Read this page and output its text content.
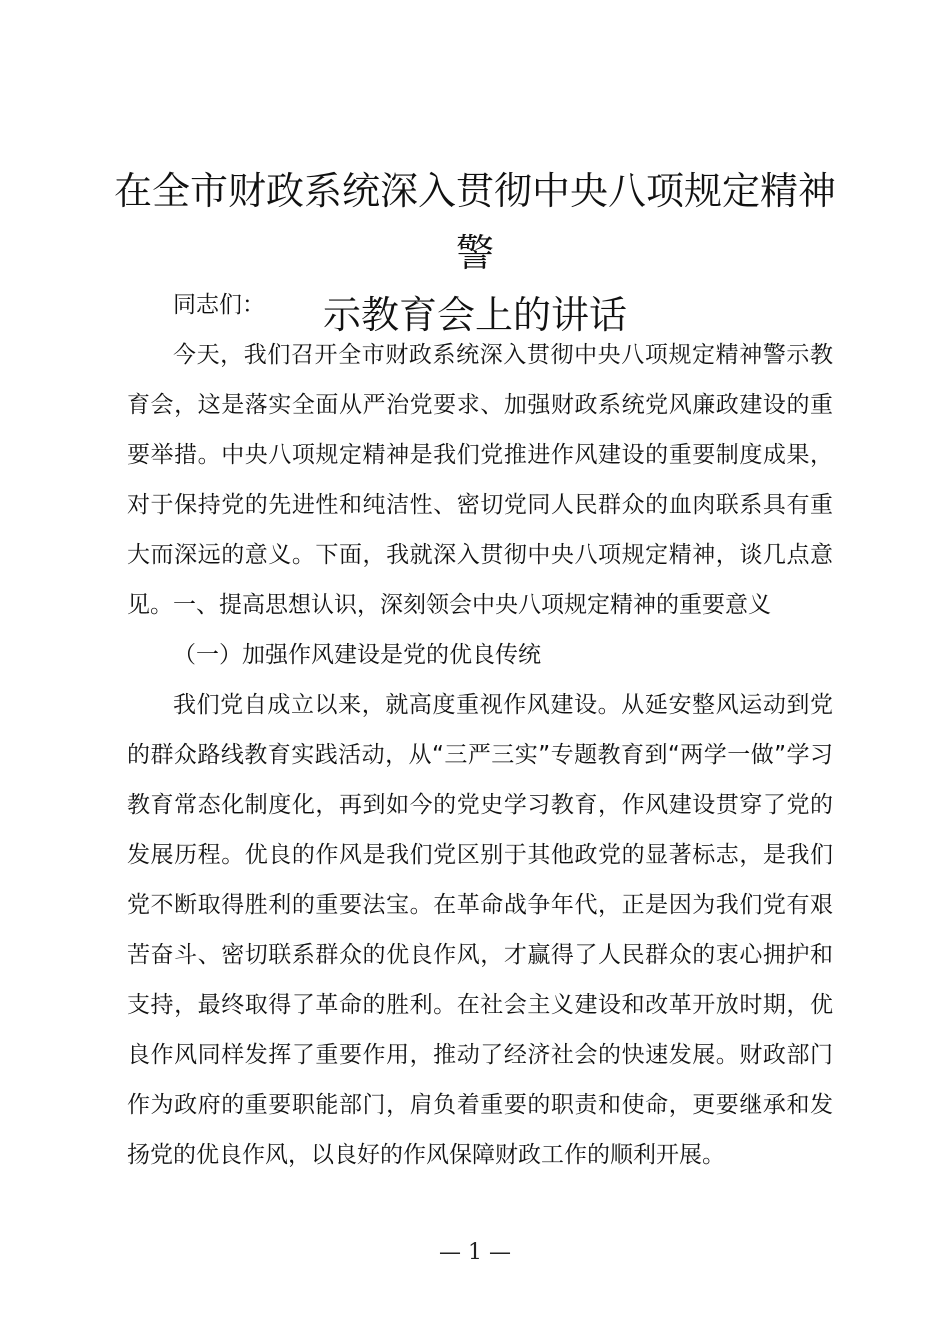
在全市财政系统深入贯彻中央八项规定精神警
示教育会上的讲话
同志们：

今天，我们召开全市财政系统深入贯彻中央八项规定精神警示教育会，这是落实全面从严治党要求、加强财政系统党风廉政建设的重要举措。中央八项规定精神是我们党推进作风建设的重要制度成果，对于保持党的先进性和纯洁性、密切党同人民群众的血肉联系具有重大而深远的意义。下面，我就深入贯彻中央八项规定精神，谈几点意见。 一、提高思想认识，深刻领会中央八项规定精神的重要意义
（一）加强作风建设是党的优良传统

我们党自成立以来，就高度重视作风建设。从延安整风运动到党的群众路线教育实践活动，从“三严三实”专题教育到“两学一做”学习教育常态化制度化，再到如今的党史学习教育，作风建设贯穿了党的发展历程。优良的作风是我们党区别于其他政党的显著标志，是我们党不断取得胜利的重要法宝。在革命战争年代，正是因为我们党有艰苦奋斗、密切联系群众的优良作风，才赢得了人民群众的衷心拥护和支持，最终取得了革命的胜利。在社会主义建设和改革开放时期，优良作风同样发挥了重要作用，推动了经济社会的快速发展。财政部门作为政府的重要职能部门，肩负着重要的职责和使命，更要继承和发扬党的优良作风，以良好的作风保障财政工作的顺利开展。

— 1 —
